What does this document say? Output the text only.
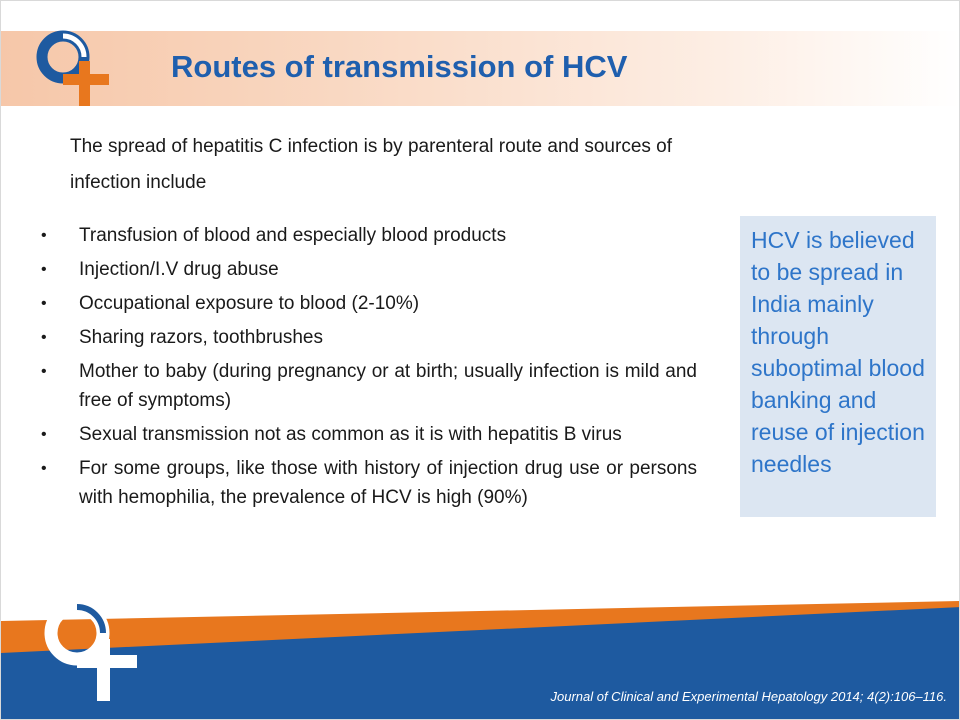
Routes of transmission of HCV

The spread of hepatitis C infection is by parenteral route and sources of infection include

• Transfusion of blood and especially blood products
• Injection/I.V drug abuse
• Occupational exposure to blood (2-10%)
• Sharing razors, toothbrushes
• Mother to baby (during pregnancy or at birth; usually infection is mild and free of symptoms)
• Sexual transmission not as common as it is with hepatitis B virus
• For some groups, like those with history of injection drug use or persons with hemophilia, the prevalence of HCV is high (90%)
HCV is believed to be spread in India mainly through suboptimal blood banking and reuse of injection needles

Journal of Clinical and Experimental Hepatology 2014; 4(2):106–116.
